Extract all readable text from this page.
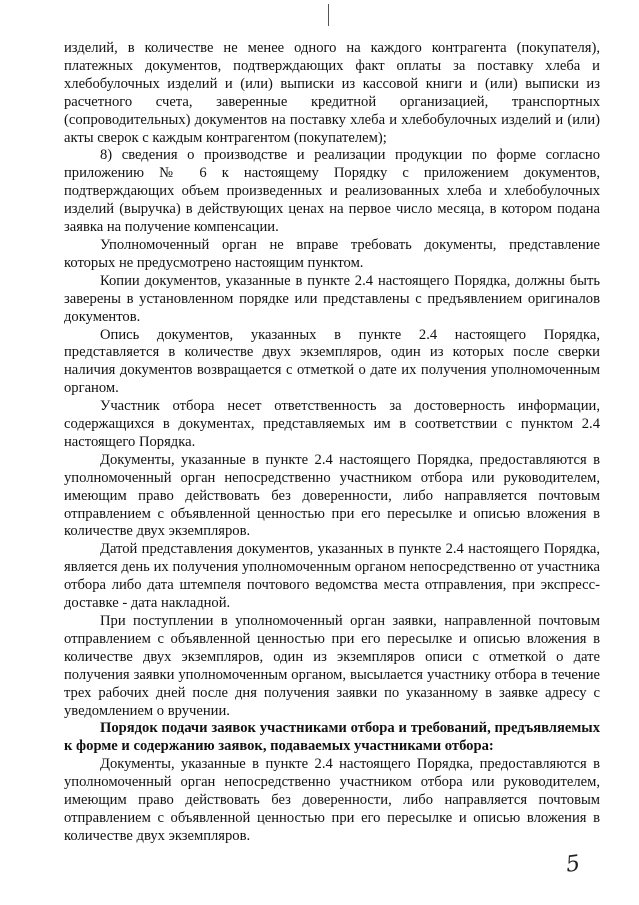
изделий, в количестве не менее одного на каждого контрагента (покупателя), платежных документов, подтверждающих факт оплаты за поставку хлеба и хлебобулочных изделий и (или) выписки из кассовой книги и (или) выписки из расчетного счета, заверенные кредитной организацией, транспортных (сопроводительных) документов на поставку хлеба и хлебобулочных изделий и (или) акты сверок с каждым контрагентом (покупателем);

8) сведения о производстве и реализации продукции по форме согласно приложению № 6 к настоящему Порядку с приложением документов, подтверждающих объем произведенных и реализованных хлеба и хлебобулочных изделий (выручка) в действующих ценах на первое число месяца, в котором подана заявка на получение компенсации.

Уполномоченный орган не вправе требовать документы, представление которых не предусмотрено настоящим пунктом.

Копии документов, указанные в пункте 2.4 настоящего Порядка, должны быть заверены в установленном порядке или представлены с предъявлением оригиналов документов.

Опись документов, указанных в пункте 2.4 настоящего Порядка, представляется в количестве двух экземпляров, один из которых после сверки наличия документов возвращается с отметкой о дате их получения уполномоченным органом.

Участник отбора несет ответственность за достоверность информации, содержащихся в документах, представляемых им в соответствии с пунктом 2.4 настоящего Порядка.

Документы, указанные в пункте 2.4 настоящего Порядка, предоставляются в уполномоченный орган непосредственно участником отбора или руководителем, имеющим право действовать без доверенности, либо направляется почтовым отправлением с объявленной ценностью при его пересылке и описью вложения в количестве двух экземпляров.

Датой представления документов, указанных в пункте 2.4 настоящего Порядка, является день их получения уполномоченным органом непосредственно от участника отбора либо дата штемпеля почтового ведомства места отправления, при экспресс-доставке - дата накладной.

При поступлении в уполномоченный орган заявки, направленной почтовым отправлением с объявленной ценностью при его пересылке и описью вложения в количестве двух экземпляров, один из экземпляров описи с отметкой о дате получения заявки уполномоченным органом, высылается участнику отбора в течение трех рабочих дней после дня получения заявки по указанному в заявке адресу с уведомлением о вручении.

Порядок подачи заявок участниками отбора и требований, предъявляемых к форме и содержанию заявок, подаваемых участниками отбора:

Документы, указанные в пункте 2.4 настоящего Порядка, предоставляются в уполномоченный орган непосредственно участником отбора или руководителем, имеющим право действовать без доверенности, либо направляется почтовым отправлением с объявленной ценностью при его пересылке и описью вложения в количестве двух экземпляров.

5
